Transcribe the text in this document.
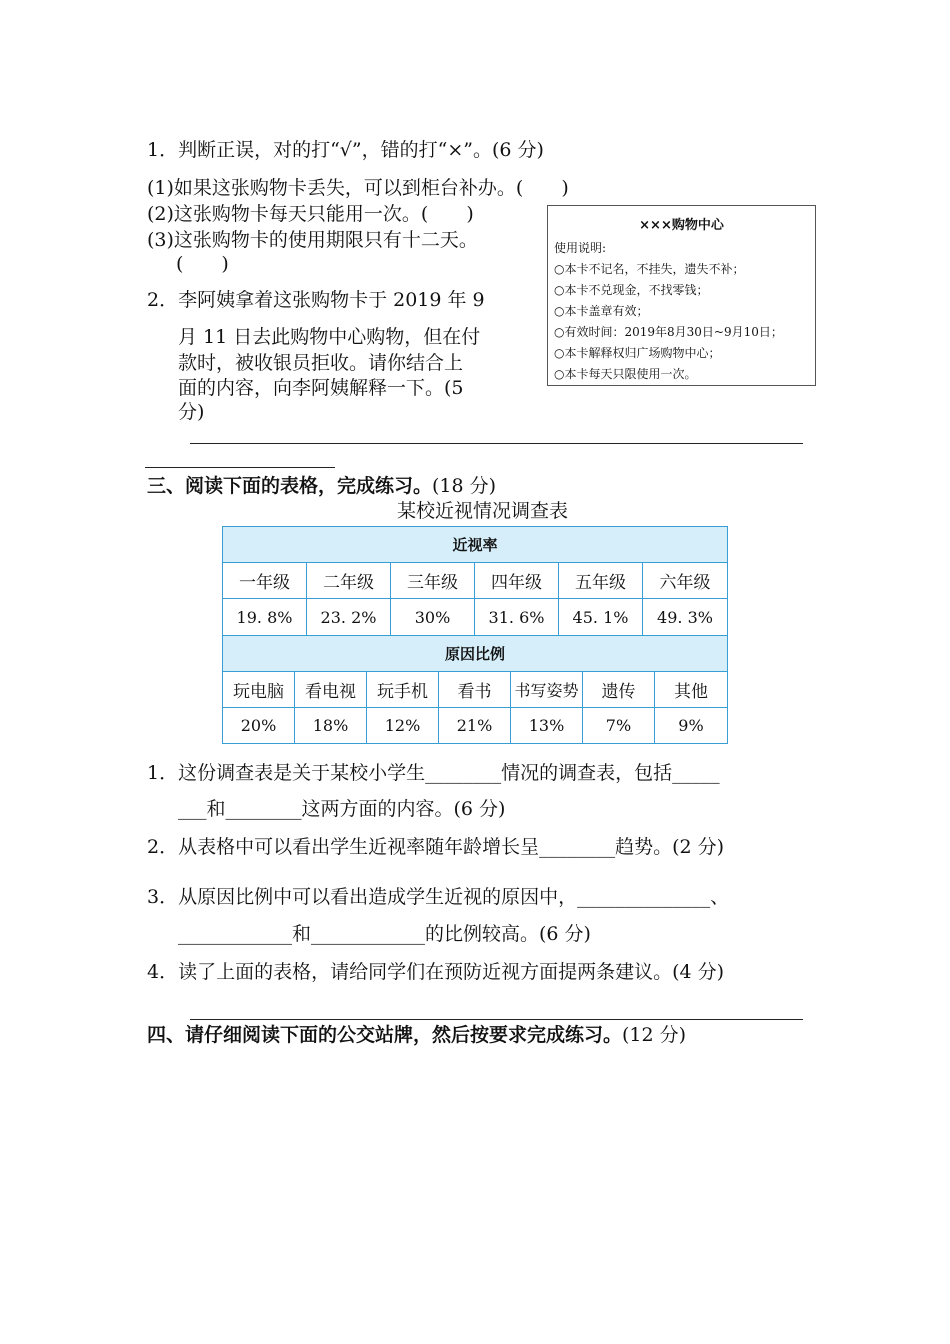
1．判断正误，对的打“√”，错的打“×”。(6 分)
(1)如果这张购物卡丢失，可以到柜台补办。(　　)
(2)这张购物卡每天只能用一次。(　　)
(3)这张购物卡的使用期限只有十二天。
(　　)
2．李阿姨拿着这张购物卡于 2019 年 9
月 11 日去此购物中心购物，但在付
款时，被收银员拒收。请你结合上
面的内容，向李阿姨解释一下。(5
分)
×××购物中心
使用说明:
○本卡不记名，不挂失，遗失不补；
○本卡不兑现金，不找零钱；
○本卡盖章有效；
○有效时间：2019年8月30日~9月10日；
○本卡解释权归广场购物中心；
○本卡每天只限使用一次。
三、阅读下面的表格，完成练习。(18 分)
某校近视情况调查表
近视率
一年级	二年级	三年级	四年级	五年级	六年级
19. 8%	23. 2%	30%	31. 6%	45. 1%	49. 3%
原因比例
玩电脑	看电视	玩手机	看书	书写姿势	遗传	其他
20%	18%	12%	21%	13%	7%	9%
1．这份调查表是关于某校小学生________情况的调查表，包括_____
___和________这两方面的内容。(6 分)
2．从表格中可以看出学生近视率随年龄增长呈________趋势。(2 分)
3．从原因比例中可以看出造成学生近视的原因中，______________、
____________和____________的比例较高。(6 分)
4．读了上面的表格，请给同学们在预防近视方面提两条建议。(4 分)
四、请仔细阅读下面的公交站牌，然后按要求完成练习。(12 分)
